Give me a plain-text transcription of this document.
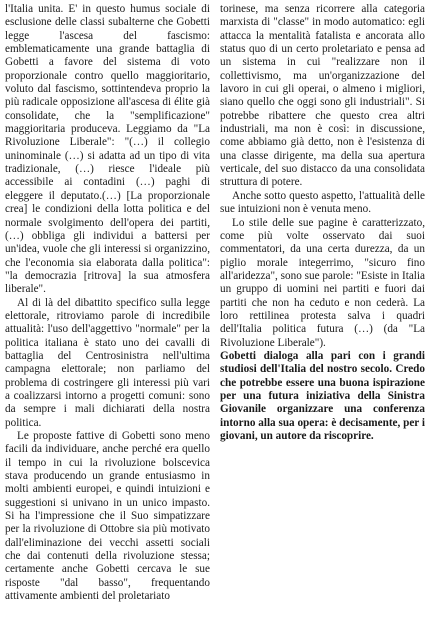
l'Italia unita. E' in questo humus sociale di esclusione delle classi subalterne che Gobetti legge l'ascesa del fascismo: emblematicamente una grande battaglia di Gobetti a favore del sistema di voto proporzionale contro quello maggioritario, voluto dal fascismo, sottintendeva proprio la più radicale opposizione all'ascesa di élite già consolidate, che la "semplificazione" maggioritaria produceva. Leggiamo da "La Rivoluzione Liberale": "(…) il collegio uninominale (…) si adatta ad un tipo di vita tradizionale, (…) riesce l'ideale più accessibile ai contadini (…) paghi di eleggere il deputato.(…) [La proporzionale crea] le condizioni della lotta politica e del normale svolgimento dell'opera dei partiti, (…) obbliga gli individui a battersi per un'idea, vuole che gli interessi si organizzino, che l'economia sia elaborata dalla politica": "la democrazia [ritrova] la sua atmosfera liberale".

Al di là del dibattito specifico sulla legge elettorale, ritroviamo parole di incredibile attualità: l'uso dell'aggettivo "normale" per la politica italiana è stato uno dei cavalli di battaglia del Centrosinistra nell'ultima campagna elettorale; non parliamo del problema di costringere gli interessi più vari a coalizzarsi intorno a progetti comuni: sono da sempre i mali dichiarati della nostra politica.

Le proposte fattive di Gobetti sono meno facili da individuare, anche perché era quello il tempo in cui la rivoluzione bolscevica stava producendo un grande entusiasmo in molti ambienti europei, e quindi intuizioni e suggestioni si univano in un unico impasto. Si ha l'impressione che il Suo simpatizzare per la rivoluzione di Ottobre sia più motivato dall'eliminazione dei vecchi assetti sociali che dai contenuti della rivoluzione stessa; certamente anche Gobetti cercava le sue risposte "dal basso", frequentando attivamente ambienti del proletariato

torinese, ma senza ricorrere alla categoria marxista di "classe" in modo automatico: egli attacca la mentalità fatalista e ancorata allo status quo di un certo proletariato e pensa ad un sistema in cui "realizzare non il collettivismo, ma un'organizzazione del lavoro in cui gli operai, o almeno i migliori, siano quello che oggi sono gli industriali". Si potrebbe ribattere che questo crea altri industriali, ma non è così: in discussione, come abbiamo già detto, non è l'esistenza di una classe dirigente, ma della sua apertura verticale, del suo distacco da una consolidata struttura di potere.

Anche sotto questo aspetto, l'attualità delle sue intuizioni non è venuta meno.

Lo stile delle sue pagine è caratterizzato, come più volte osservato dai suoi commentatori, da una certa durezza, da un piglio morale integerrimo, "sicuro fino all'aridezza", sono sue parole: "Esiste in Italia un gruppo di uomini nei partiti e fuori dai partiti che non ha ceduto e non cederà. La loro rettilinea protesta salva i quadri dell'Italia politica futura (…) (da "La Rivoluzione Liberale").

Gobetti dialoga alla pari con i grandi studiosi dell'Italia del nostro secolo. Credo che potrebbe essere una buona ispirazione per una futura iniziativa della Sinistra Giovanile organizzare una conferenza intorno alla sua opera: è decisamente, per i giovani, un autore da riscoprire.
